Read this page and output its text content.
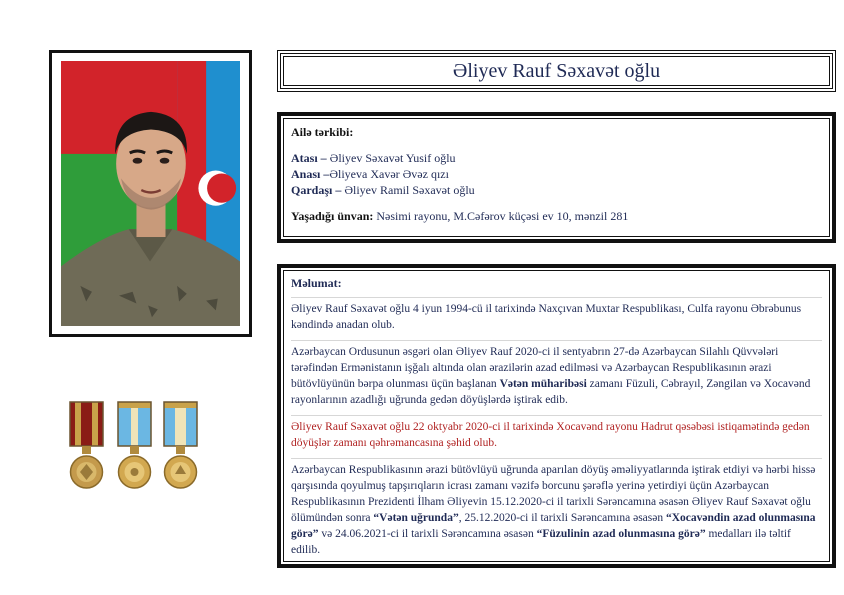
Əliyev Rauf Səxavət oğlu

Ailə tərkibi:

Atası – Əliyev Səxavət Yusif oğlu

Anası –Əliyeva Xavər Əvəz qızı

Qardaşı – Əliyev Ramil Səxavət oğlu

Yaşadığı ünvan: Nəsimi rayonu, M.Cəfərov küçəsi ev 10, mənzil 281

Məlumat:

Əliyev Rauf Səxavət oğlu 4 iyun 1994-cü il tarixində Naxçıvan Muxtar Respublikası, Culfa rayonu Əbrəbunus kəndində anadan olub.

Azərbaycan Ordusunun əsgəri olan Əliyev Rauf 2020-ci il sentyabrın 27-də Azərbaycan Silahlı Qüvvələri tərəfindən Ermənistanın işğalı altında olan ərazilərin azad edilməsi və Azərbaycan Respublikasının ərazi bütövlüyünün bərpa olunması üçün başlanan Vətən müharibəsi zamanı Füzuli, Cəbrayıl, Zəngilan və Xocavənd rayonlarının azadlığı uğrunda gedən döyüşlərdə iştirak edib.

Əliyev Rauf Səxavət oğlu 22 oktyabr 2020-ci il tarixində Xocavənd rayonu Hadrut qəsəbəsi istiqamətində gedən döyüşlər zamanı qəhrəmancasına şəhid olub.

Azərbaycan Respublikasının ərazi bütövlüyü uğrunda aparılan döyüş əməliyyatlarında iştirak etdiyi və hərbi hissə qarşısında qoyulmuş tapşırıqların icrası zamanı vəzifə borcunu şərəflə yerinə yetirdiyi üçün Azərbaycan Respublikasının Prezidenti İlham Əliyevin 15.12.2020-ci il tarixli Sərəncamına əsasən Əliyev Rauf Səxavət oğlu ölümündən sonra “Vətən uğrunda”, 25.12.2020-ci il tarixli Sərəncamına əsasən “Xocavəndin azad olunmasına görə” və 24.06.2021-ci il tarixli Sərəncamına əsasən “Füzulinin azad olunmasına görə” medalları ilə təltif edilib.
